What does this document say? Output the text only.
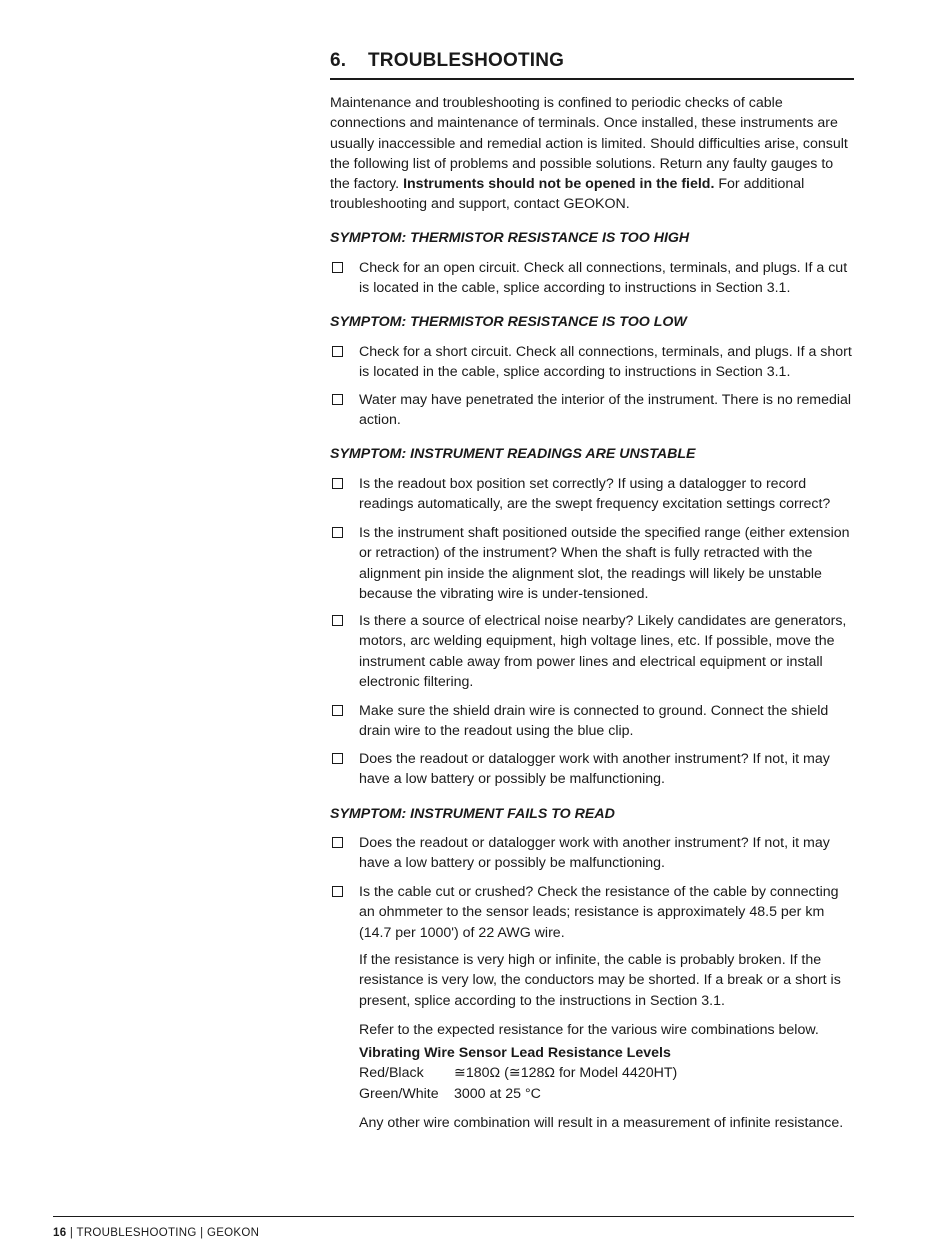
6. TROUBLESHOOTING

Maintenance and troubleshooting is confined to periodic checks of cable connections and maintenance of terminals. Once installed, these instruments are usually inaccessible and remedial action is limited. Should difficulties arise, consult the following list of problems and possible solutions. Return any faulty gauges to the factory. Instruments should not be opened in the field. For additional troubleshooting and support, contact GEOKON.

SYMPTOM: THERMISTOR RESISTANCE IS TOO HIGH

Check for an open circuit. Check all connections, terminals, and plugs. If a cut is located in the cable, splice according to instructions in Section 3.1.

SYMPTOM: THERMISTOR RESISTANCE IS TOO LOW

Check for a short circuit. Check all connections, terminals, and plugs. If a short is located in the cable, splice according to instructions in Section 3.1.
Water may have penetrated the interior of the instrument. There is no remedial action.

SYMPTOM: INSTRUMENT READINGS ARE UNSTABLE

Is the readout box position set correctly? If using a datalogger to record readings automatically, are the swept frequency excitation settings correct?
Is the instrument shaft positioned outside the specified range (either extension or retraction) of the instrument? When the shaft is fully retracted with the alignment pin inside the alignment slot, the readings will likely be unstable because the vibrating wire is under-tensioned.
Is there a source of electrical noise nearby? Likely candidates are generators, motors, arc welding equipment, high voltage lines, etc. If possible, move the instrument cable away from power lines and electrical equipment or install electronic filtering.
Make sure the shield drain wire is connected to ground. Connect the shield drain wire to the readout using the blue clip.
Does the readout or datalogger work with another instrument? If not, it may have a low battery or possibly be malfunctioning.

SYMPTOM: INSTRUMENT FAILS TO READ

Does the readout or datalogger work with another instrument? If not, it may have a low battery or possibly be malfunctioning.
Is the cable cut or crushed? Check the resistance of the cable by connecting an ohmmeter to the sensor leads; resistance is approximately 48.5 per km (14.7 per 1000') of 22 AWG wire.
If the resistance is very high or infinite, the cable is probably broken. If the resistance is very low, the conductors may be shorted. If a break or a short is present, splice according to the instructions in Section 3.1.
Refer to the expected resistance for the various wire combinations below.
Vibrating Wire Sensor Lead Resistance Levels
Red/Black	≅180Ω (≅128Ω for Model 4420HT)
Green/White	3000 at 25 °C
Any other wire combination will result in a measurement of infinite resistance.
16 | TROUBLESHOOTING | GEOKON
